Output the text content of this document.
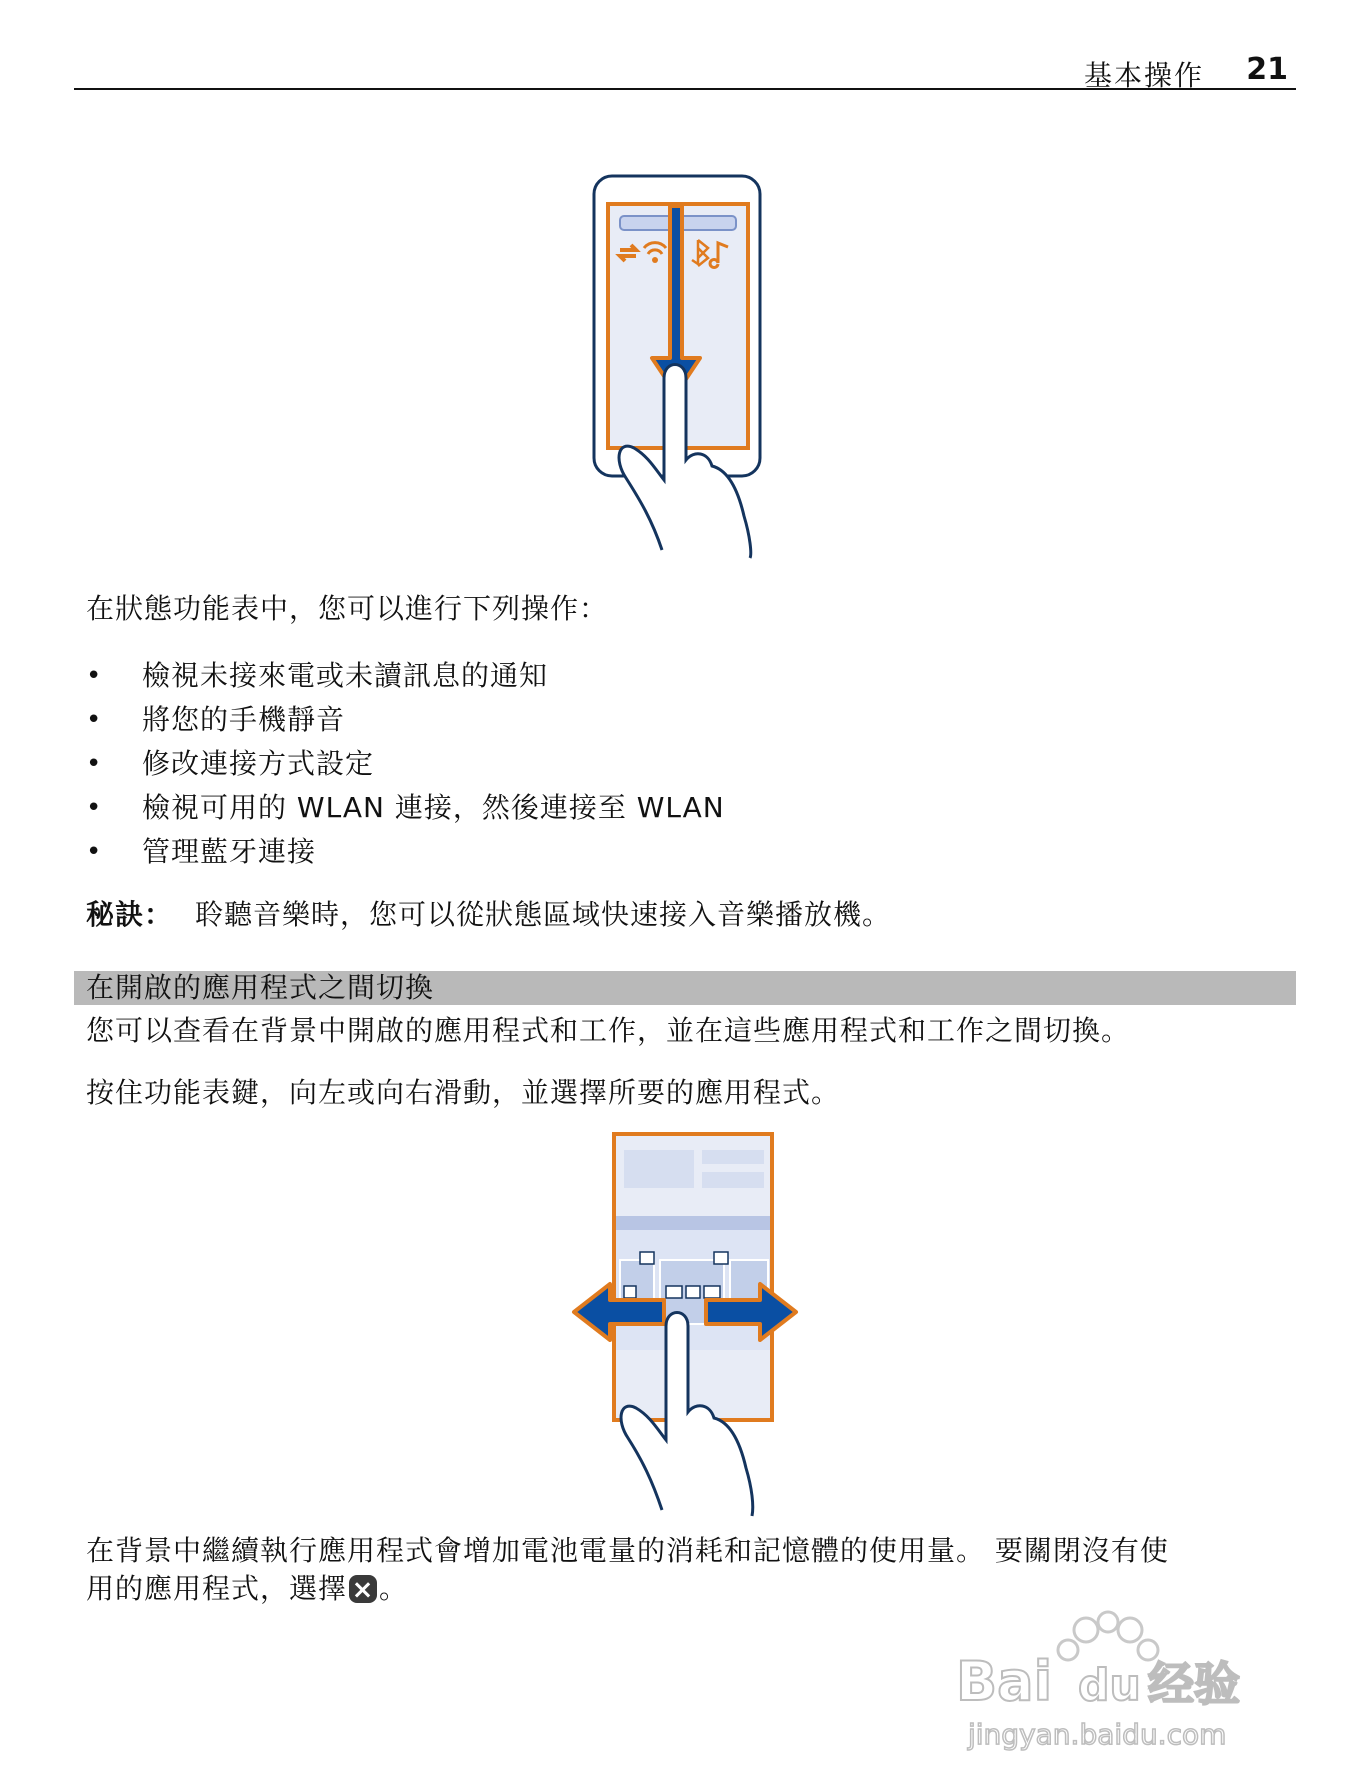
基本操作 21
在狀態功能表中，您可以進行下列操作：
• 檢視未接來電或未讀訊息的通知
• 將您的手機靜音
• 修改連接方式設定
• 檢視可用的 WLAN 連接，然後連接至 WLAN
• 管理藍牙連接
秘訣： 聆聽音樂時，您可以從狀態區域快速接入音樂播放機。
在開啟的應用程式之間切換
您可以查看在背景中開啟的應用程式和工作，並在這些應用程式和工作之間切換。
按住功能表鍵，向左或向右滑動，並選擇所要的應用程式。
在背景中繼續執行應用程式會增加電池電量的消耗和記憶體的使用量。 要關閉沒有使
用的應用程式，選擇× 。
Bai du 经验
jingyan.baidu.com
